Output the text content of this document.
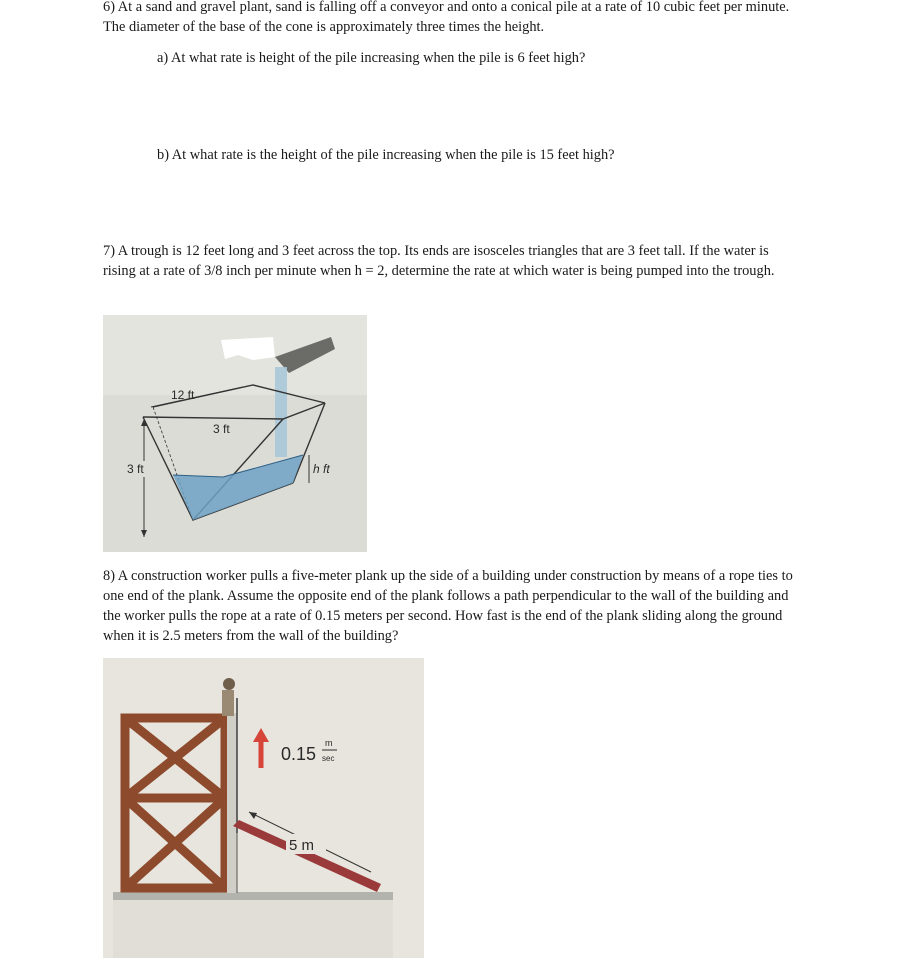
6) At a sand and gravel plant, sand is falling off a conveyor and onto a conical pile at a rate of 10 cubic feet per minute. The diameter of the base of the cone is approximately three times the height.
a) At what rate is height of the pile increasing when the pile is 6 feet high?
b) At what rate is the height of the pile increasing when the pile is 15 feet high?
7) A trough is 12 feet long and 3 feet across the top. Its ends are isosceles triangles that are 3 feet tall. If the water is rising at a rate of 3/8 inch per minute when h = 2, determine the rate at which water is being pumped into the trough.
12 ft
3 ft
3 ft	h ft
8) A construction worker pulls a five-meter plank up the side of a building under construction by means of a rope ties to one end of the plank. Assume the opposite end of the plank follows a path perpendicular to the wall of the building and the worker pulls the rope at a rate of 0.15 meters per second. How fast is the end of the plank sliding along the ground when it is 2.5 meters from the wall of the building?
0.15
m
sec
5 m
